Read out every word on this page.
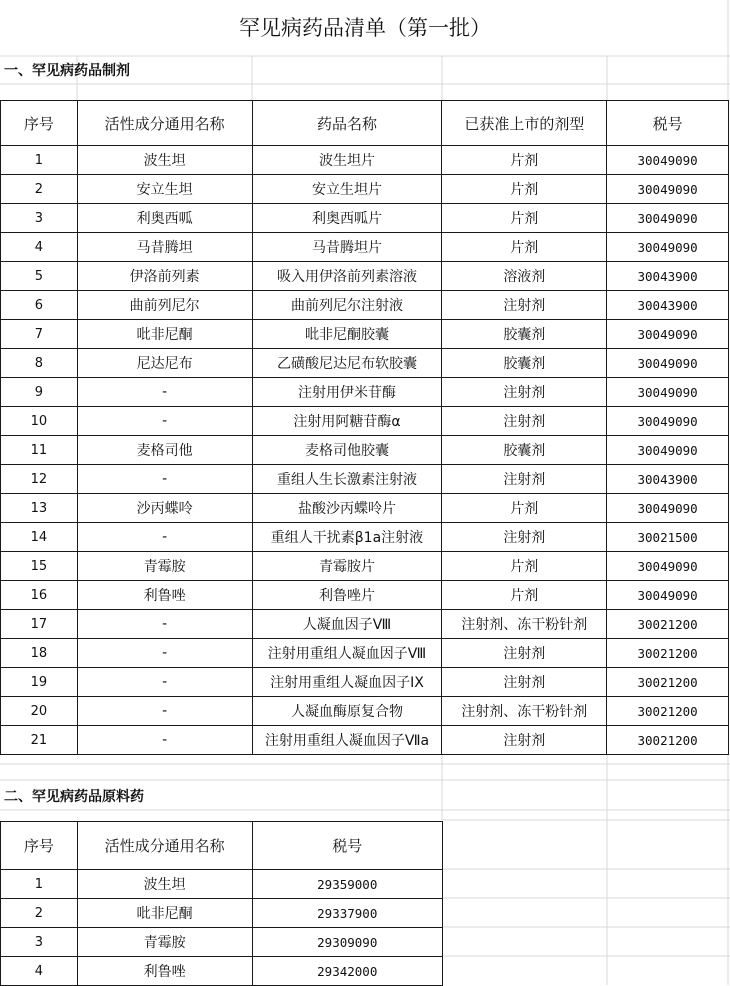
罕见病药品清单（第一批）
一、罕见病药品制剂
序号	活性成分通用名称	药品名称	已获准上市的剂型	税号
1	波生坦	波生坦片	片剂	30049090
2	安立生坦	安立生坦片	片剂	30049090
3	利奥西呱	利奥西呱片	片剂	30049090
4	马昔腾坦	马昔腾坦片	片剂	30049090
5	伊洛前列素	吸入用伊洛前列素溶液	溶液剂	30043900
6	曲前列尼尔	曲前列尼尔注射液	注射剂	30043900
7	吡非尼酮	吡非尼酮胶囊	胶囊剂	30049090
8	尼达尼布	乙磺酸尼达尼布软胶囊	胶囊剂	30049090
9	-	注射用伊米苷酶	注射剂	30049090
10	-	注射用阿糖苷酶α	注射剂	30049090
11	麦格司他	麦格司他胶囊	胶囊剂	30049090
12	-	重组人生长激素注射液	注射剂	30043900
13	沙丙蝶呤	盐酸沙丙蝶呤片	片剂	30049090
14	-	重组人干扰素β1a注射液	注射剂	30021500
15	青霉胺	青霉胺片	片剂	30049090
16	利鲁唑	利鲁唑片	片剂	30049090
17	-	人凝血因子Ⅷ	注射剂、冻干粉针剂	30021200
18	-	注射用重组人凝血因子Ⅷ	注射剂	30021200
19	-	注射用重组人凝血因子IX	注射剂	30021200
20	-	人凝血酶原复合物	注射剂、冻干粉针剂	30021200
21	-	注射用重组人凝血因子Ⅶa	注射剂	30021200
二、罕见病药品原料药
序号	活性成分通用名称	税号
1	波生坦	29359000
2	吡非尼酮	29337900
3	青霉胺	29309090
4	利鲁唑	29342000
